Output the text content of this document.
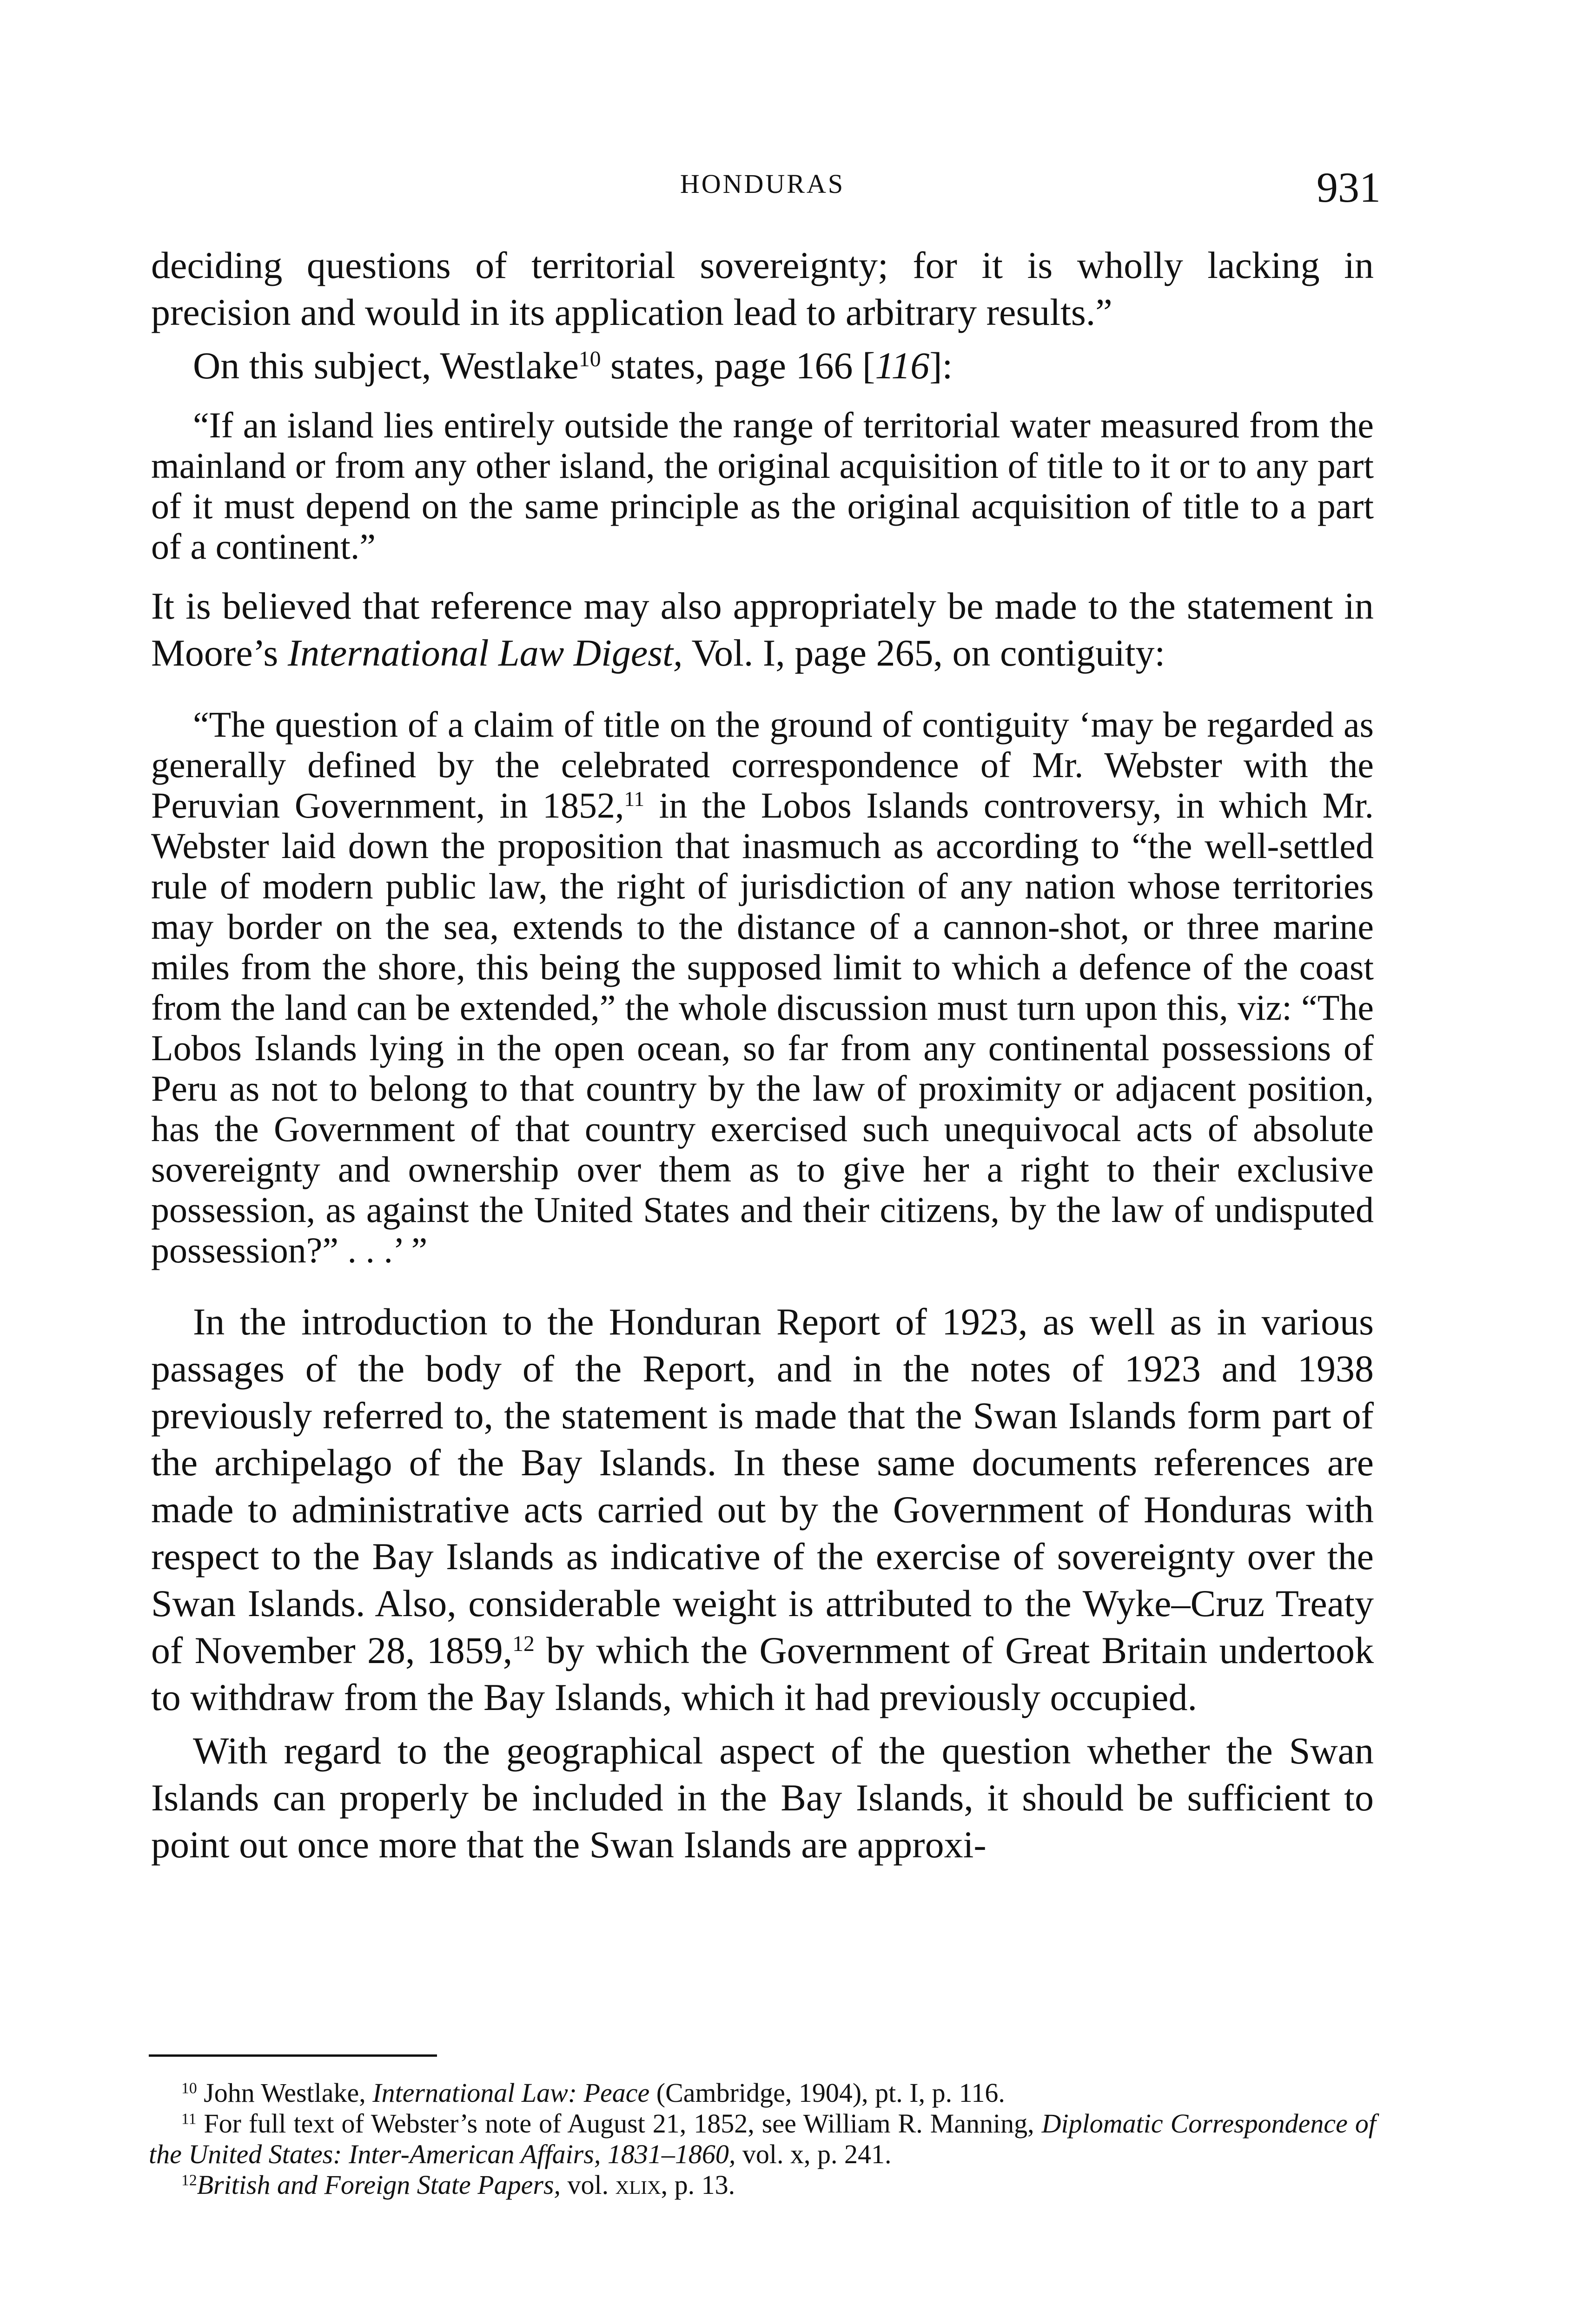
HONDURAS	931

deciding questions of territorial sovereignty; for it is wholly lacking in precision and would in its application lead to arbitrary results.”

On this subject, Westlake$^{10}$ states, page 166 [116]:

“If an island lies entirely outside the range of territorial water measured from the mainland or from any other island, the original acquisition of title to it or to any part of it must depend on the same principle as the original acquisition of title to a part of a continent.”

It is believed that reference may also appropriately be made to the statement in Moore’s International Law Digest, Vol. I, page 265, on contiguity:

“The question of a claim of title on the ground of contiguity ‘may be regarded as generally defined by the celebrated correspondence of Mr. Webster with the Peruvian Government, in 1852,11 in the Lobos Islands controversy, in which Mr. Webster laid down the proposition that inasmuch as according to “the well-settled rule of modern public law, the right of jurisdiction of any nation whose territories may border on the sea, extends to the distance of a cannon-shot, or three marine miles from the shore, this being the supposed limit to which a defence of the coast from the land can be extended,” the whole discussion must turn upon this, viz: “The Lobos Islands lying in the open ocean, so far from any continental possessions of Peru as not to belong to that country by the law of proximity or adjacent position, has the Government of that country exercised such unequivocal acts of absolute sovereignty and ownership over them as to give her a right to their exclusive possession, as against the United States and their citizens, by the law of undisputed possession?” . . .’ ”

In the introduction to the Honduran Report of 1923, as well as in various passages of the body of the Report, and in the notes of 1923 and 1938 previously referred to, the statement is made that the Swan Islands form part of the archipelago of the Bay Islands. In these same documents references are made to administrative acts carried out by the Government of Honduras with respect to the Bay Islands as indicative of the exercise of sovereignty over the Swan Islands. Also, considerable weight is attributed to the Wyke–Cruz Treaty of November 28, 1859,12 by which the Government of Great Britain undertook to withdraw from the Bay Islands, which it had previously occupied.

With regard to the geographical aspect of the question whether the Swan Islands can properly be included in the Bay Islands, it should be sufficient to point out once more that the Swan Islands are approxi-

$^{10}$ John Westlake, International Law: Peace (Cambridge, 1904), pt. I, p. 116.

$^{11}$ For full text of Webster’s note of August 21, 1852, see William R. Manning, Diplomatic Correspondence of the United States: Inter-American Affairs, 1831–1860, vol. x, p. 241.

$^{12}$British and Foreign State Papers, vol. xlix, p. 13.
